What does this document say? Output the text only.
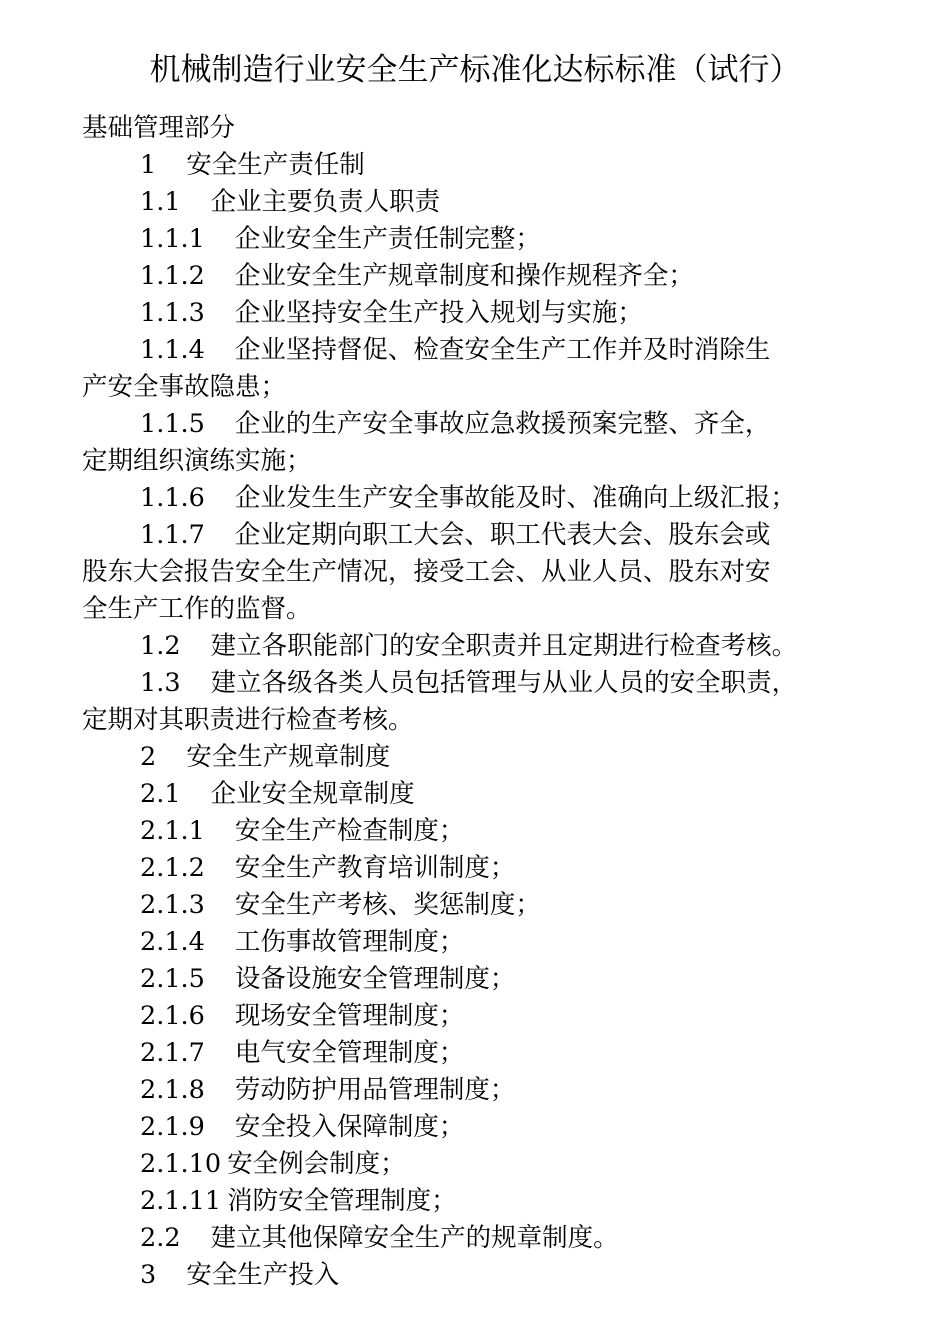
机械制造行业安全生产标准化达标标准（试行）
基础管理部分
1 安全生产责任制
1.1 企业主要负责人职责
1.1.1 企业安全生产责任制完整；
1.1.2 企业安全生产规章制度和操作规程齐全；
1.1.3 企业坚持安全生产投入规划与实施；
1.1.4 企业坚持督促、检查安全生产工作并及时消除生
产安全事故隐患；
1.1.5 企业的生产安全事故应急救援预案完整、齐全，
定期组织演练实施；
1.1.6 企业发生生产安全事故能及时、准确向上级汇报；
1.1.7 企业定期向职工大会、职工代表大会、股东会或
股东大会报告安全生产情况，接受工会、从业人员、股东对安
全生产工作的监督。
1.2 建立各职能部门的安全职责并且定期进行检查考核。
1.3 建立各级各类人员包括管理与从业人员的安全职责，
定期对其职责进行检查考核。
2 安全生产规章制度
2.1 企业安全规章制度
2.1.1 安全生产检查制度；
2.1.2 安全生产教育培训制度；
2.1.3 安全生产考核、奖惩制度；
2.1.4 工伤事故管理制度；
2.1.5 设备设施安全管理制度；
2.1.6 现场安全管理制度；
2.1.7 电气安全管理制度；
2.1.8 劳动防护用品管理制度；
2.1.9 安全投入保障制度；
2.1.10 安全例会制度；
2.1.11 消防安全管理制度；
2.2 建立其他保障安全生产的规章制度。
3 安全生产投入
